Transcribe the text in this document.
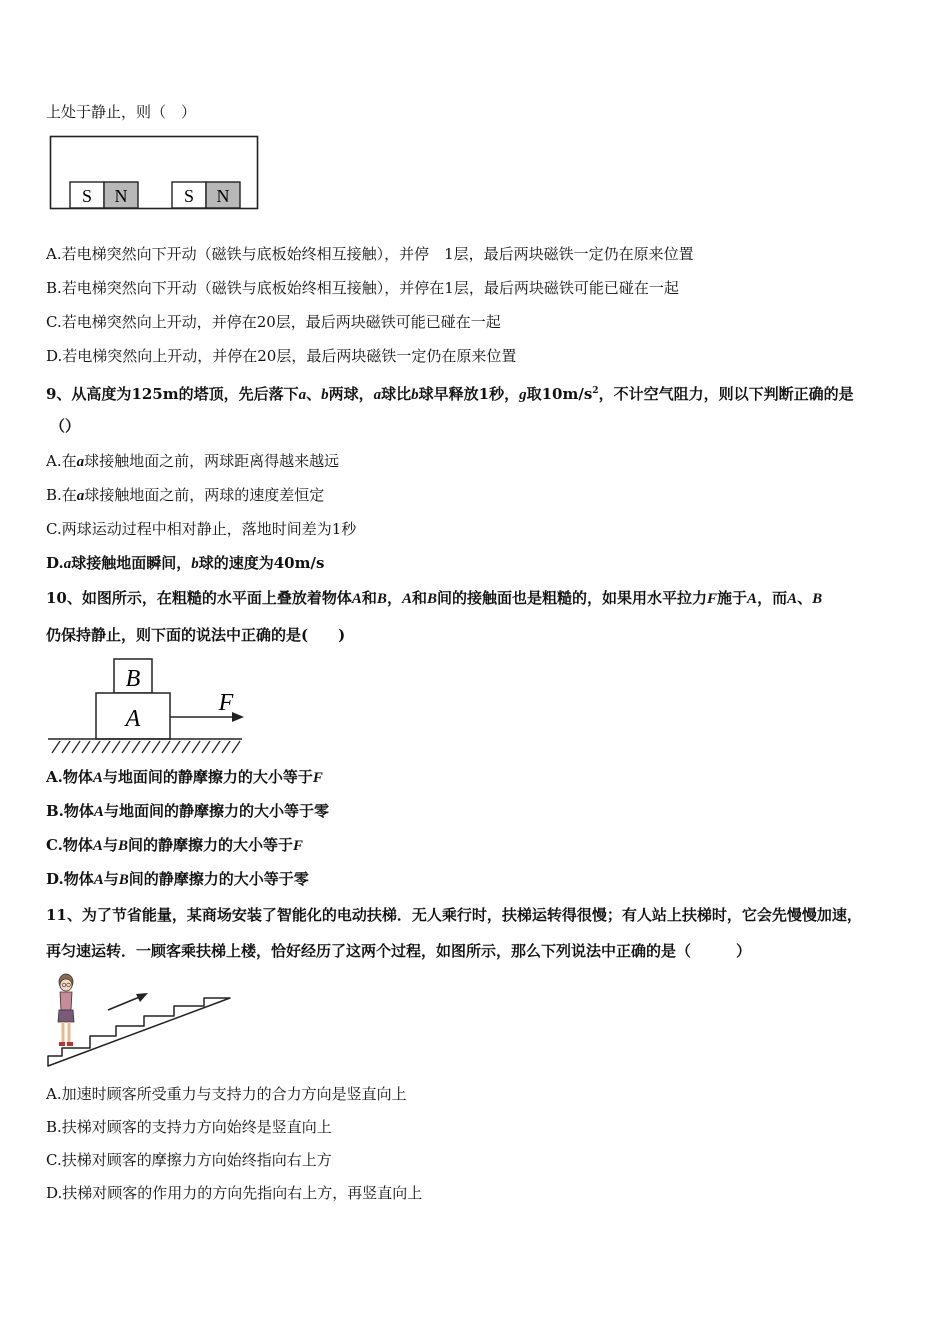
上处于静止，则（　）
S N	S N
A.若电梯突然向下开动（磁铁与底板始终相互接触），并停　1层，最后两块磁铁一定仍在原来位置
B.若电梯突然向下开动（磁铁与底板始终相互接触），并停在1层，最后两块磁铁可能已碰在一起
C.若电梯突然向上开动，并停在20层，最后两块磁铁可能已碰在一起
D.若电梯突然向上开动，并停在20层，最后两块磁铁一定仍在原来位置
9、从高度为125m的塔顶，先后落下a、b两球，a球比b球早释放1秒，g取$10m/s^2$，不计空气阻力，则以下判断正确的是
（）
A.在a球接触地面之前，两球距离得越来越远
B.在a球接触地面之前，两球的速度差恒定
C.两球运动过程中相对静止，落地时间差为1秒
D.a球接触地面瞬间，b球的速度为40m/s
10、如图所示，在粗糙的水平面上叠放着物体A和B，A和B间的接触面也是粗糙的，如果用水平拉力F施于A，而A、B
仍保持静止，则下面的说法中正确的是(　　)
B
A
F
A.物体A与地面间的静摩擦力的大小等于F
B.物体A与地面间的静摩擦力的大小等于零
C.物体A与B间的静摩擦力的大小等于F
D.物体A与B间的静摩擦力的大小等于零
11、为了节省能量，某商场安装了智能化的电动扶梯．无人乘行时，扶梯运转得很慢；有人站上扶梯时，它会先慢慢加速，
再匀速运转．一顾客乘扶梯上楼，恰好经历了这两个过程，如图所示，那么下列说法中正确的是（　　　）
A.加速时顾客所受重力与支持力的合力方向是竖直向上
B.扶梯对顾客的支持力方向始终是竖直向上
C.扶梯对顾客的摩擦力方向始终指向右上方
D.扶梯对顾客的作用力的方向先指向右上方，再竖直向上
